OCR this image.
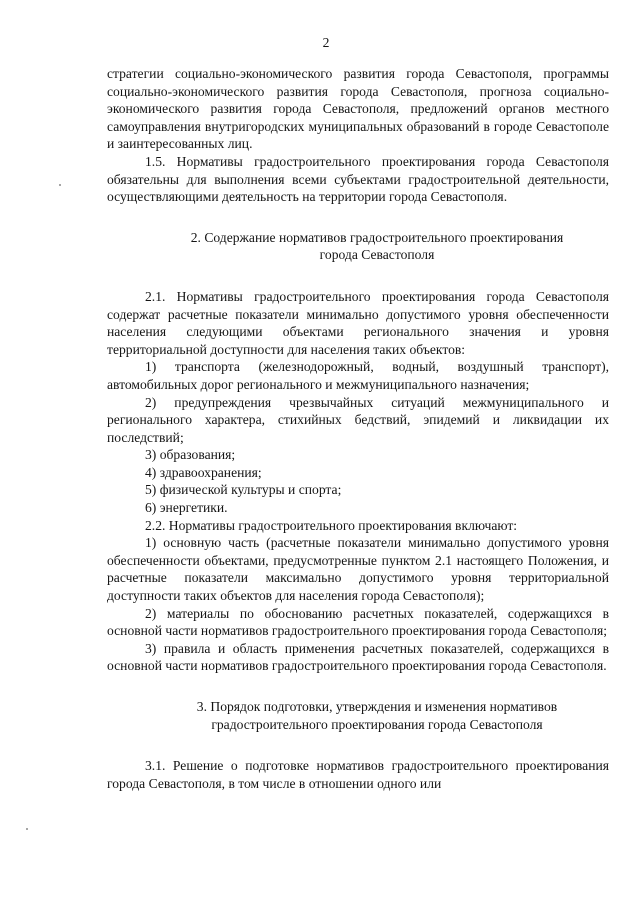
2

стратегии социально-экономического развития города Севастополя, программы социально-экономического развития города Севастополя, прогноза социально-экономического развития города Севастополя, предложений органов местного самоуправления внутригородских муниципальных образований в городе Севастополе и заинтересованных лиц.

1.5. Нормативы градостроительного проектирования города Севастополя обязательны для выполнения всеми субъектами градостроительной деятельности, осуществляющими деятельность на территории города Севастополя.

2. Содержание нормативов градостроительного проектирования
города Севастополя

2.1. Нормативы градостроительного проектирования города Севастополя содержат расчетные показатели минимально допустимого уровня обеспеченности населения следующими объектами регионального значения и уровня территориальной доступности для населения таких объектов:

1) транспорта (железнодорожный, водный, воздушный транспорт), автомобильных дорог регионального и межмуниципального назначения;

2) предупреждения чрезвычайных ситуаций межмуниципального и регионального характера, стихийных бедствий, эпидемий и ликвидации их последствий;

3) образования;

4) здравоохранения;

5) физической культуры и спорта;

6) энергетики.

2.2. Нормативы градостроительного проектирования включают:

1) основную часть (расчетные показатели минимально допустимого уровня обеспеченности объектами, предусмотренные пунктом 2.1 настоящего Положения, и расчетные показатели максимально допустимого уровня территориальной доступности таких объектов для населения города Севастополя);

2) материалы по обоснованию расчетных показателей, содержащихся в основной части нормативов градостроительного проектирования города Севастополя;

3) правила и область применения расчетных показателей, содержащихся в основной части нормативов градостроительного проектирования города Севастополя.

3. Порядок подготовки, утверждения и изменения нормативов
градостроительного проектирования города Севастополя

3.1. Решение о подготовке нормативов градостроительного проектирования города Севастополя, в том числе в отношении одного или
